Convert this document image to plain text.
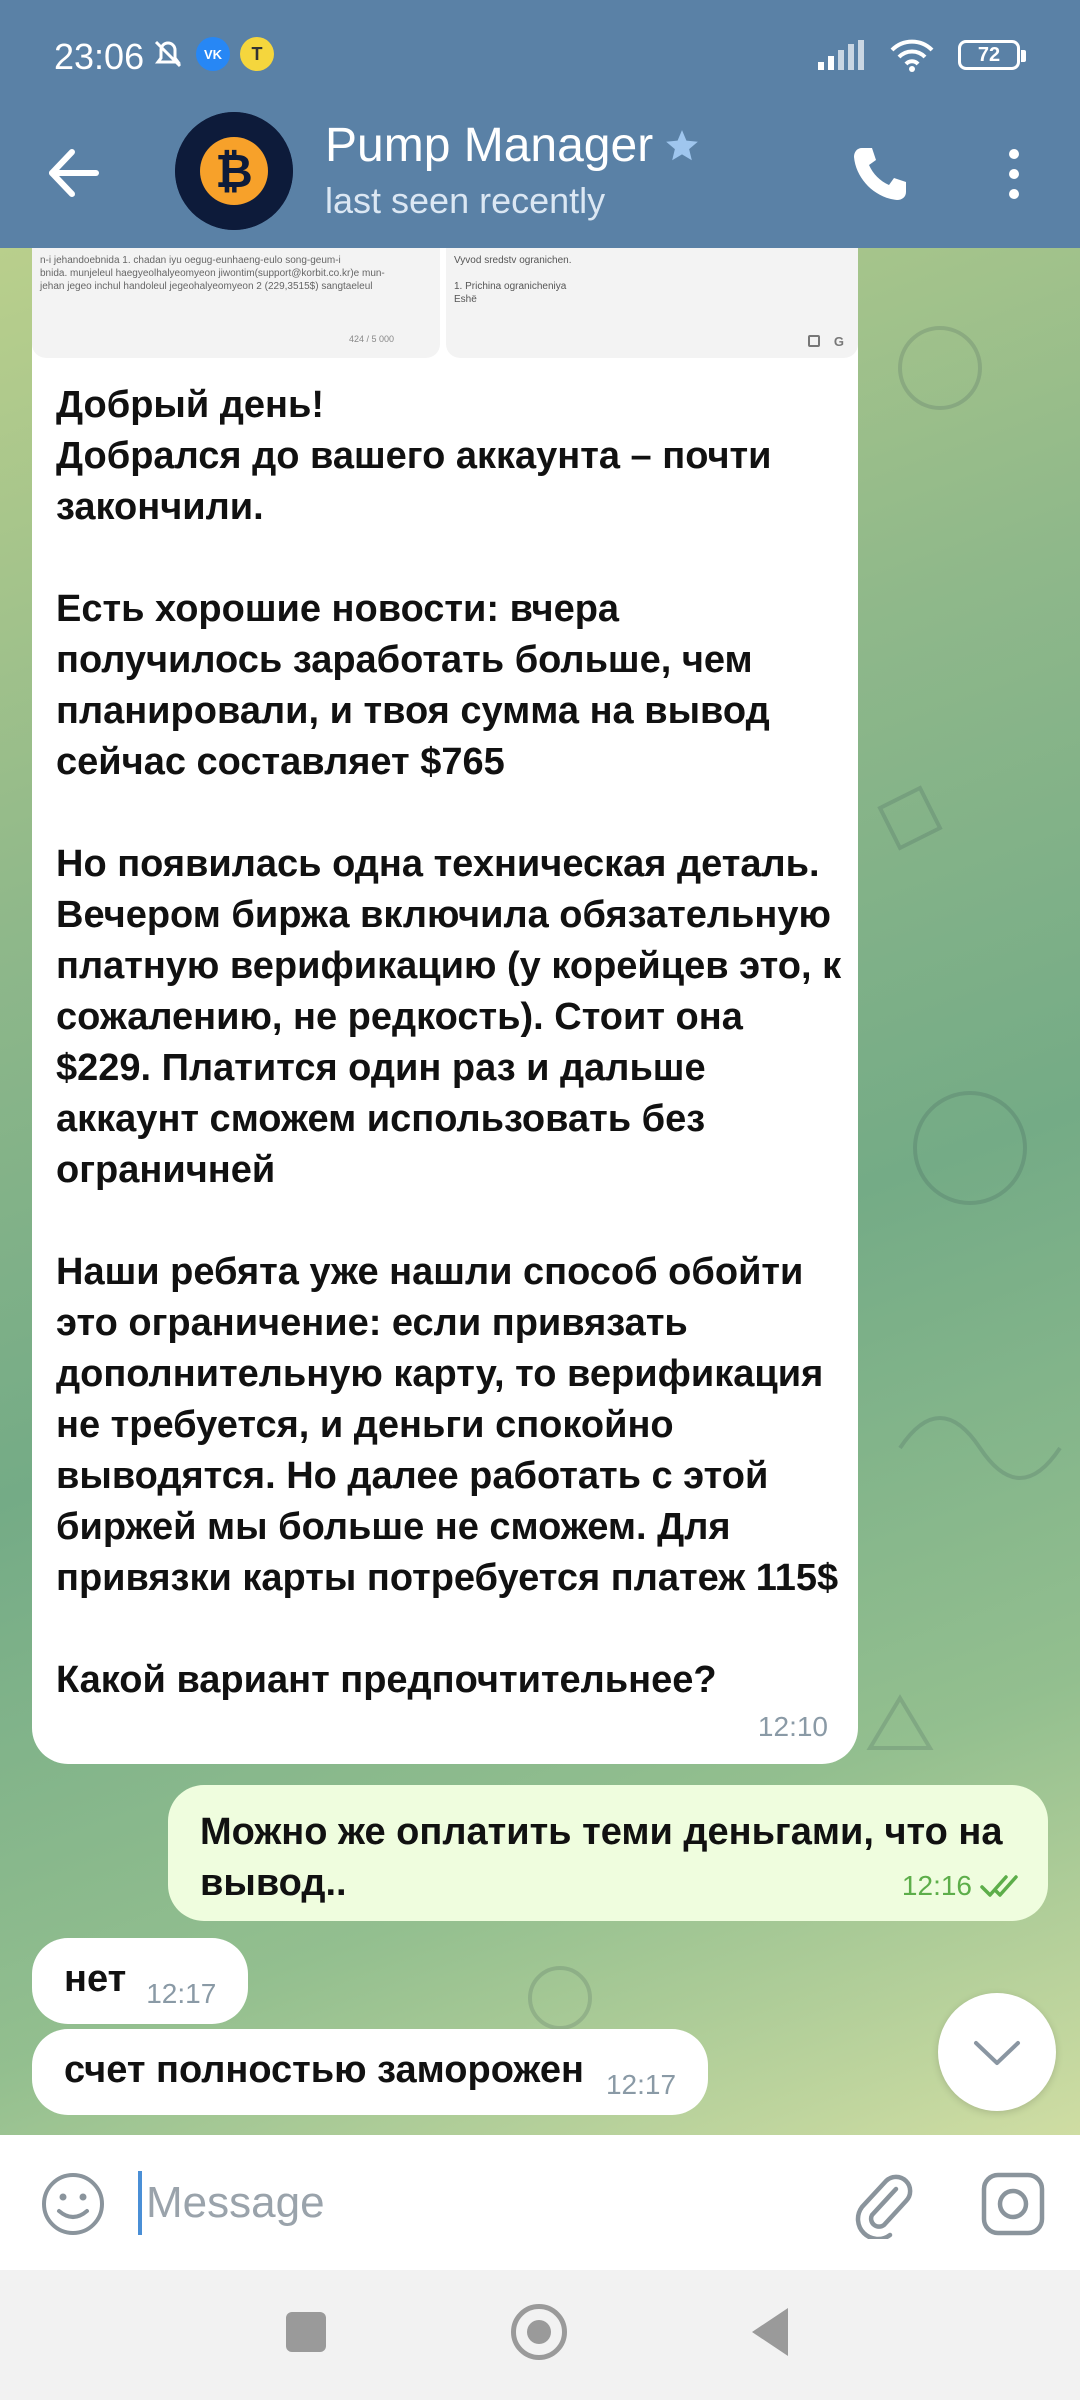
23:06	VK	T	72
₿ Pump Manager
last seen recently
n-i jehandoebnida 1. chadan iyu oegug-eunhaeng-eulo song-geum-i
bnida. munjeleul haegyeolhalyeomyeon jiwontim(support@korbit.co.kr)e mun-
jehan jegeo inchul handoleul jegeohalyeomyeon 2 (229,3515$) sangtaeleul
424 / 5 000
Vyvod sredstv ogranichen.

1. Prichina ogranicheniya
Eshё
G
Добрый день!
Добрался до вашего аккаунта – почти закончили.

Есть хорошие новости: вчера получилось заработать больше, чем планировали, и твоя сумма на вывод сейчас составляет $765

Но появилась одна техническая деталь. Вечером биржа включила обязательную платную верификацию (у корейцев это, к сожалению, не редкость). Стоит она $229. Платится один раз и дальше аккаунт сможем использовать без ограничней

Наши ребята уже нашли способ обойти это ограничение: если привязать дополнительную карту, то верификация не требуется, и деньги спокойно выводятся. Но далее работать с этой биржей мы больше не сможем. Для привязки карты потребуется платеж 115$

Какой вариант предпочтительнее?
12:10
Можно же оплатить теми деньгами, что на вывод..	12:16
нет 12:17
счет полностью заморожен 12:17
Message
